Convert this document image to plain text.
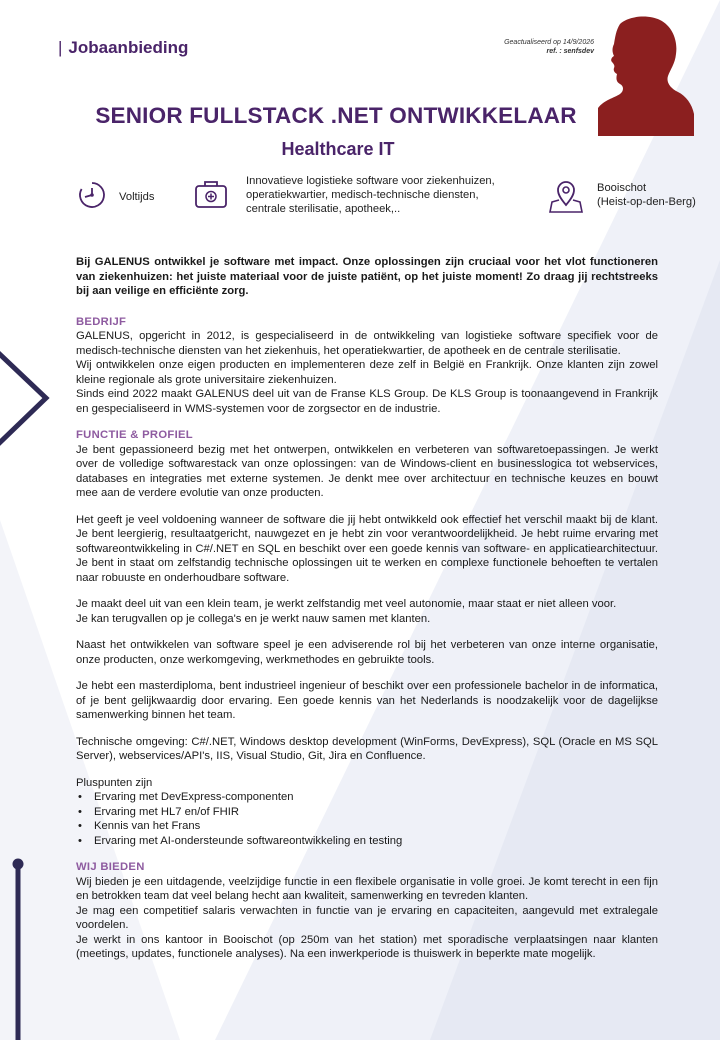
| Jobaanbieding	Geactualiseerd op 14/9/2026
ref. : senfsdev
SENIOR FULLSTACK .NET ONTWIKKELAAR
Healthcare IT
Voltijds
Innovatieve logistieke software voor ziekenhuizen,
operatiekwartier, medisch-technische diensten,
centrale sterilisatie, apotheek,..
Booischot
(Heist-op-den-Berg)

Bij GALENUS ontwikkel je software met impact. Onze oplossingen zijn cruciaal voor het vlot functioneren van ziekenhuizen: het juiste materiaal voor de juiste patiënt, op het juiste moment! Zo draag jij rechtstreeks bij aan veilige en efficiënte zorg.

BEDRIJF

GALENUS, opgericht in 2012, is gespecialiseerd in de ontwikkeling van logistieke software specifiek voor de medisch-technische diensten van het ziekenhuis, het operatiekwartier, de apotheek en de centrale sterilisatie.

Wij ontwikkelen onze eigen producten en implementeren deze zelf in België en Frankrijk. Onze klanten zijn zowel kleine regionale als grote universitaire ziekenhuizen.

Sinds eind 2022 maakt GALENUS deel uit van de Franse KLS Group. De KLS Group is toonaangevend in Frankrijk en gespecialiseerd in WMS-systemen voor de zorgsector en de industrie.

FUNCTIE & PROFIEL

Je bent gepassioneerd bezig met het ontwerpen, ontwikkelen en verbeteren van softwaretoepassingen. Je werkt over de volledige softwarestack van onze oplossingen: van de Windows-client en businesslogica tot webservices, databases en integraties met externe systemen. Je denkt mee over architectuur en technische keuzes en bouwt mee aan de verdere evolutie van onze producten.

Het geeft je veel voldoening wanneer de software die jij hebt ontwikkeld ook effectief het verschil maakt bij de klant. Je bent leergierig, resultaatgericht, nauwgezet en je hebt zin voor verantwoordelijkheid. Je hebt ruime ervaring met softwareontwikkeling in C#/.NET en SQL en beschikt over een goede kennis van software- en applicatiearchitectuur. Je bent in staat om zelfstandig technische oplossingen uit te werken en complexe functionele behoeften te vertalen naar robuuste en onderhoudbare software.

Je maakt deel uit van een klein team, je werkt zelfstandig met veel autonomie, maar staat er niet alleen voor.

Je kan terugvallen op je collega's en je werkt nauw samen met klanten.

Naast het ontwikkelen van software speel je een adviserende rol bij het verbeteren van onze interne organisatie, onze producten, onze werkomgeving, werkmethodes en gebruikte tools.

Je hebt een masterdiploma, bent industrieel ingenieur of beschikt over een professionele bachelor in de informatica, of je bent gelijkwaardig door ervaring. Een goede kennis van het Nederlands is noodzakelijk voor de dagelijkse samenwerking binnen het team.

Technische omgeving: C#/.NET, Windows desktop development (WinForms, DevExpress), SQL (Oracle en MS SQL Server), webservices/API's, IIS, Visual Studio, Git, Jira en Confluence.

Pluspunten zijn

• Ervaring met DevExpress-componenten
• Ervaring met HL7 en/of FHIR
• Kennis van het Frans
• Ervaring met AI-ondersteunde softwareontwikkeling en testing
WIJ BIEDEN

Wij bieden je een uitdagende, veelzijdige functie in een flexibele organisatie in volle groei. Je komt terecht in een fijn en betrokken team dat veel belang hecht aan kwaliteit, samenwerking en tevreden klanten.

Je mag een competitief salaris verwachten in functie van je ervaring en capaciteiten, aangevuld met extralegale voordelen.

Je werkt in ons kantoor in Booischot (op 250m van het station) met sporadische verplaatsingen naar klanten (meetings, updates, functionele analyses). Na een inwerkperiode is thuiswerk in beperkte mate mogelijk.
